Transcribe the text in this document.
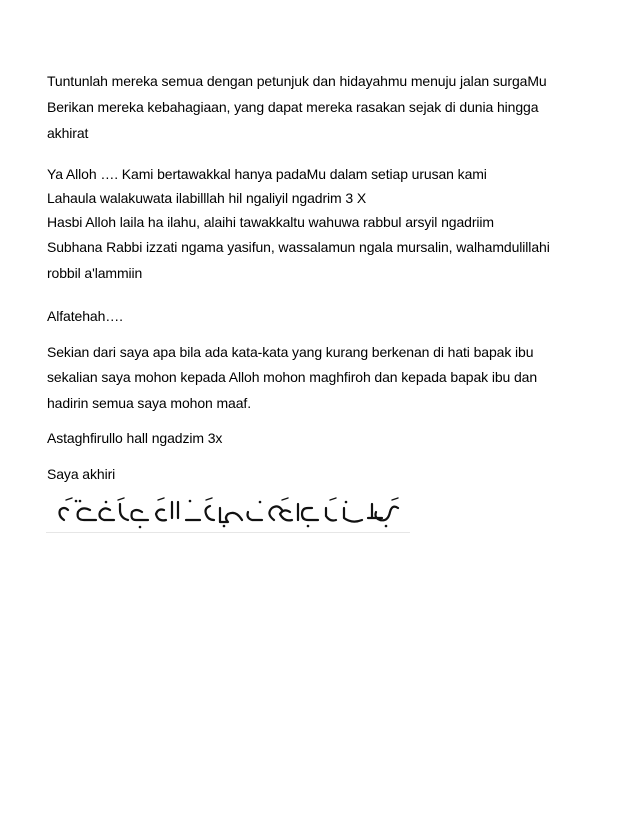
Tuntunlah mereka semua dengan petunjuk dan hidayahmu menuju jalan surgaMu
Berikan mereka kebahagiaan, yang dapat mereka rasakan sejak di dunia hingga
akhirat
Ya Alloh …. Kami bertawakkal hanya padaMu dalam setiap urusan kami
Lahaula walakuwata ilabilllah hil ngaliyil ngadrim 3 X
Hasbi Alloh laila ha ilahu, alaihi tawakkaltu wahuwa rabbul arsyil ngadriim
Subhana Rabbi izzati ngama yasifun, wassalamun ngala mursalin, walhamdulillahi
robbil a'lammiin
Alfatehah….
Sekian dari saya apa bila ada kata-kata yang kurang berkenan di hati bapak ibu
sekalian saya mohon kepada Alloh mohon maghfiroh dan kepada bapak ibu dan
hadirin semua saya mohon maaf.
Astaghfirullo hall ngadzim 3x
Saya akhiri
